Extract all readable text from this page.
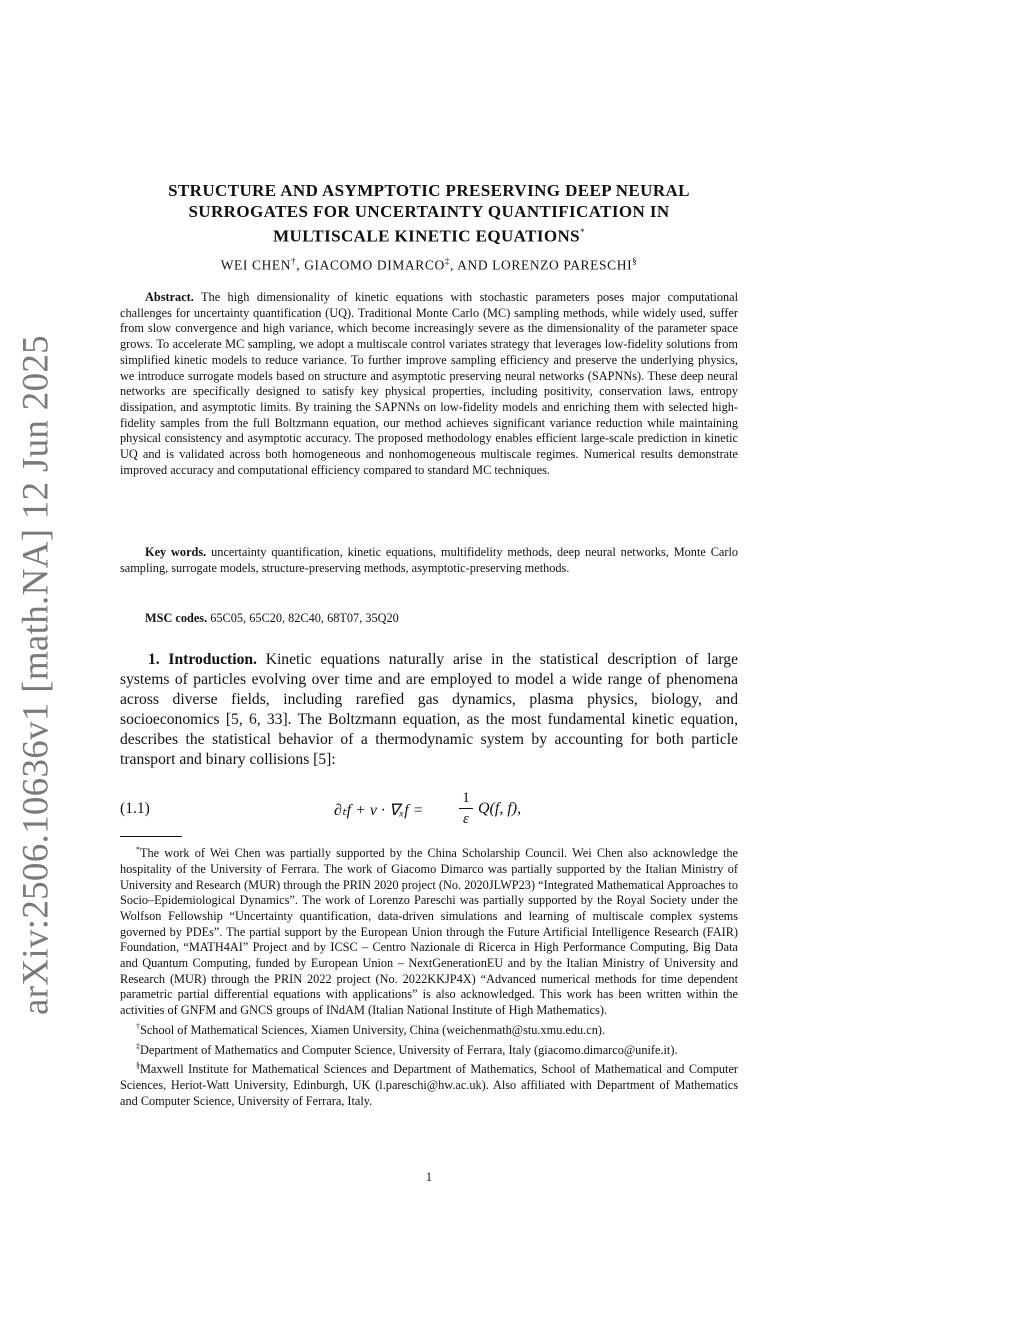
arXiv:2506.10636v1 [math.NA] 12 Jun 2025
STRUCTURE AND ASYMPTOTIC PRESERVING DEEP NEURAL
SURROGATES FOR UNCERTAINTY QUANTIFICATION IN
MULTISCALE KINETIC EQUATIONS*
WEI CHEN†, GIACOMO DIMARCO‡, AND LORENZO PARESCHI§
Abstract. The high dimensionality of kinetic equations with stochastic parameters poses major computational challenges for uncertainty quantification (UQ). Traditional Monte Carlo (MC) sampling methods, while widely used, suffer from slow convergence and high variance, which become increasingly severe as the dimensionality of the parameter space grows. To accelerate MC sampling, we adopt a multiscale control variates strategy that leverages low-fidelity solutions from simplified kinetic models to reduce variance. To further improve sampling efficiency and preserve the underlying physics, we introduce surrogate models based on structure and asymptotic preserving neural networks (SAPNNs). These deep neural networks are specifically designed to satisfy key physical properties, including positivity, conservation laws, entropy dissipation, and asymptotic limits. By training the SAPNNs on low-fidelity models and enriching them with selected high-fidelity samples from the full Boltzmann equation, our method achieves significant variance reduction while maintaining physical consistency and asymptotic accuracy. The proposed methodology enables efficient large-scale prediction in kinetic UQ and is validated across both homogeneous and nonhomogeneous multiscale regimes. Numerical results demonstrate improved accuracy and computational efficiency compared to standard MC techniques.
Key words. uncertainty quantification, kinetic equations, multifidelity methods, deep neural networks, Monte Carlo sampling, surrogate models, structure-preserving methods, asymptotic-preserving methods.
MSC codes. 65C05, 65C20, 82C40, 68T07, 35Q20
1. Introduction. Kinetic equations naturally arise in the statistical description of large systems of particles evolving over time and are employed to model a wide range of phenomena across diverse fields, including rarefied gas dynamics, plasma physics, biology, and socioeconomics [5, 6, 33]. The Boltzmann equation, as the most fundamental kinetic equation, describes the statistical behavior of a thermodynamic system by accounting for both particle transport and binary collisions [5]:
(1.1)	∂ₜf + v · ∇ₓf =
1
ε
Q(f, f),

*The work of Wei Chen was partially supported by the China Scholarship Council. Wei Chen also acknowledge the hospitality of the University of Ferrara. The work of Giacomo Dimarco was partially supported by the Italian Ministry of University and Research (MUR) through the PRIN 2020 project (No. 2020JLWP23) “Integrated Mathematical Approaches to Socio–Epidemiological Dynamics”. The work of Lorenzo Pareschi was partially supported by the Royal Society under the Wolfson Fellowship “Uncertainty quantification, data-driven simulations and learning of multiscale complex systems governed by PDEs”. The partial support by the European Union through the Future Artificial Intelligence Research (FAIR) Foundation, “MATH4AI” Project and by ICSC – Centro Nazionale di Ricerca in High Performance Computing, Big Data and Quantum Computing, funded by European Union – NextGenerationEU and by the Italian Ministry of University and Research (MUR) through the PRIN 2022 project (No. 2022KKJP4X) “Advanced numerical methods for time dependent parametric partial differential equations with applications” is also acknowledged. This work has been written within the activities of GNFM and GNCS groups of INdAM (Italian National Institute of High Mathematics).

†School of Mathematical Sciences, Xiamen University, China (weichenmath@stu.xmu.edu.cn).

‡Department of Mathematics and Computer Science, University of Ferrara, Italy (giacomo.dimarco@unife.it).

§Maxwell Institute for Mathematical Sciences and Department of Mathematics, School of Mathematical and Computer Sciences, Heriot-Watt University, Edinburgh, UK (l.pareschi@hw.ac.uk). Also affiliated with Department of Mathematics and Computer Science, University of Ferrara, Italy.

1
